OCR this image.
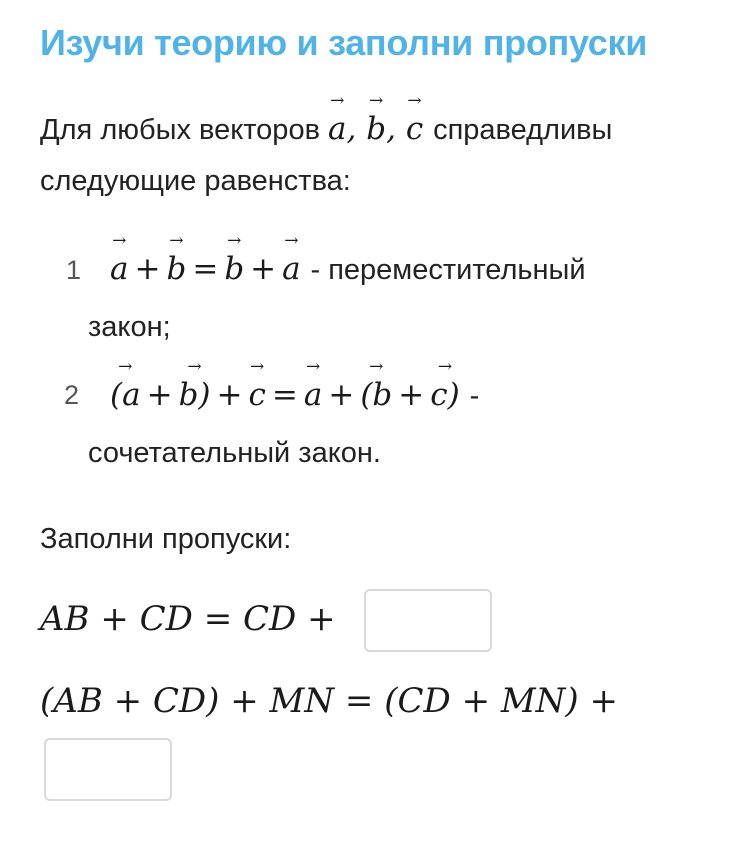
Изучи теорию и заполни пропуски
Для любых векторов → a, → b, → c справедливы
следующие равенства:
1 → a + → b = → b + → a - переместительный
закон;
2 → (a + → b) + → c = → a + → (b + → c) -
сочетательный закон.
Заполни пропуски:
AB + CD = CD +
(AB + CD) + MN = (CD + MN) +
